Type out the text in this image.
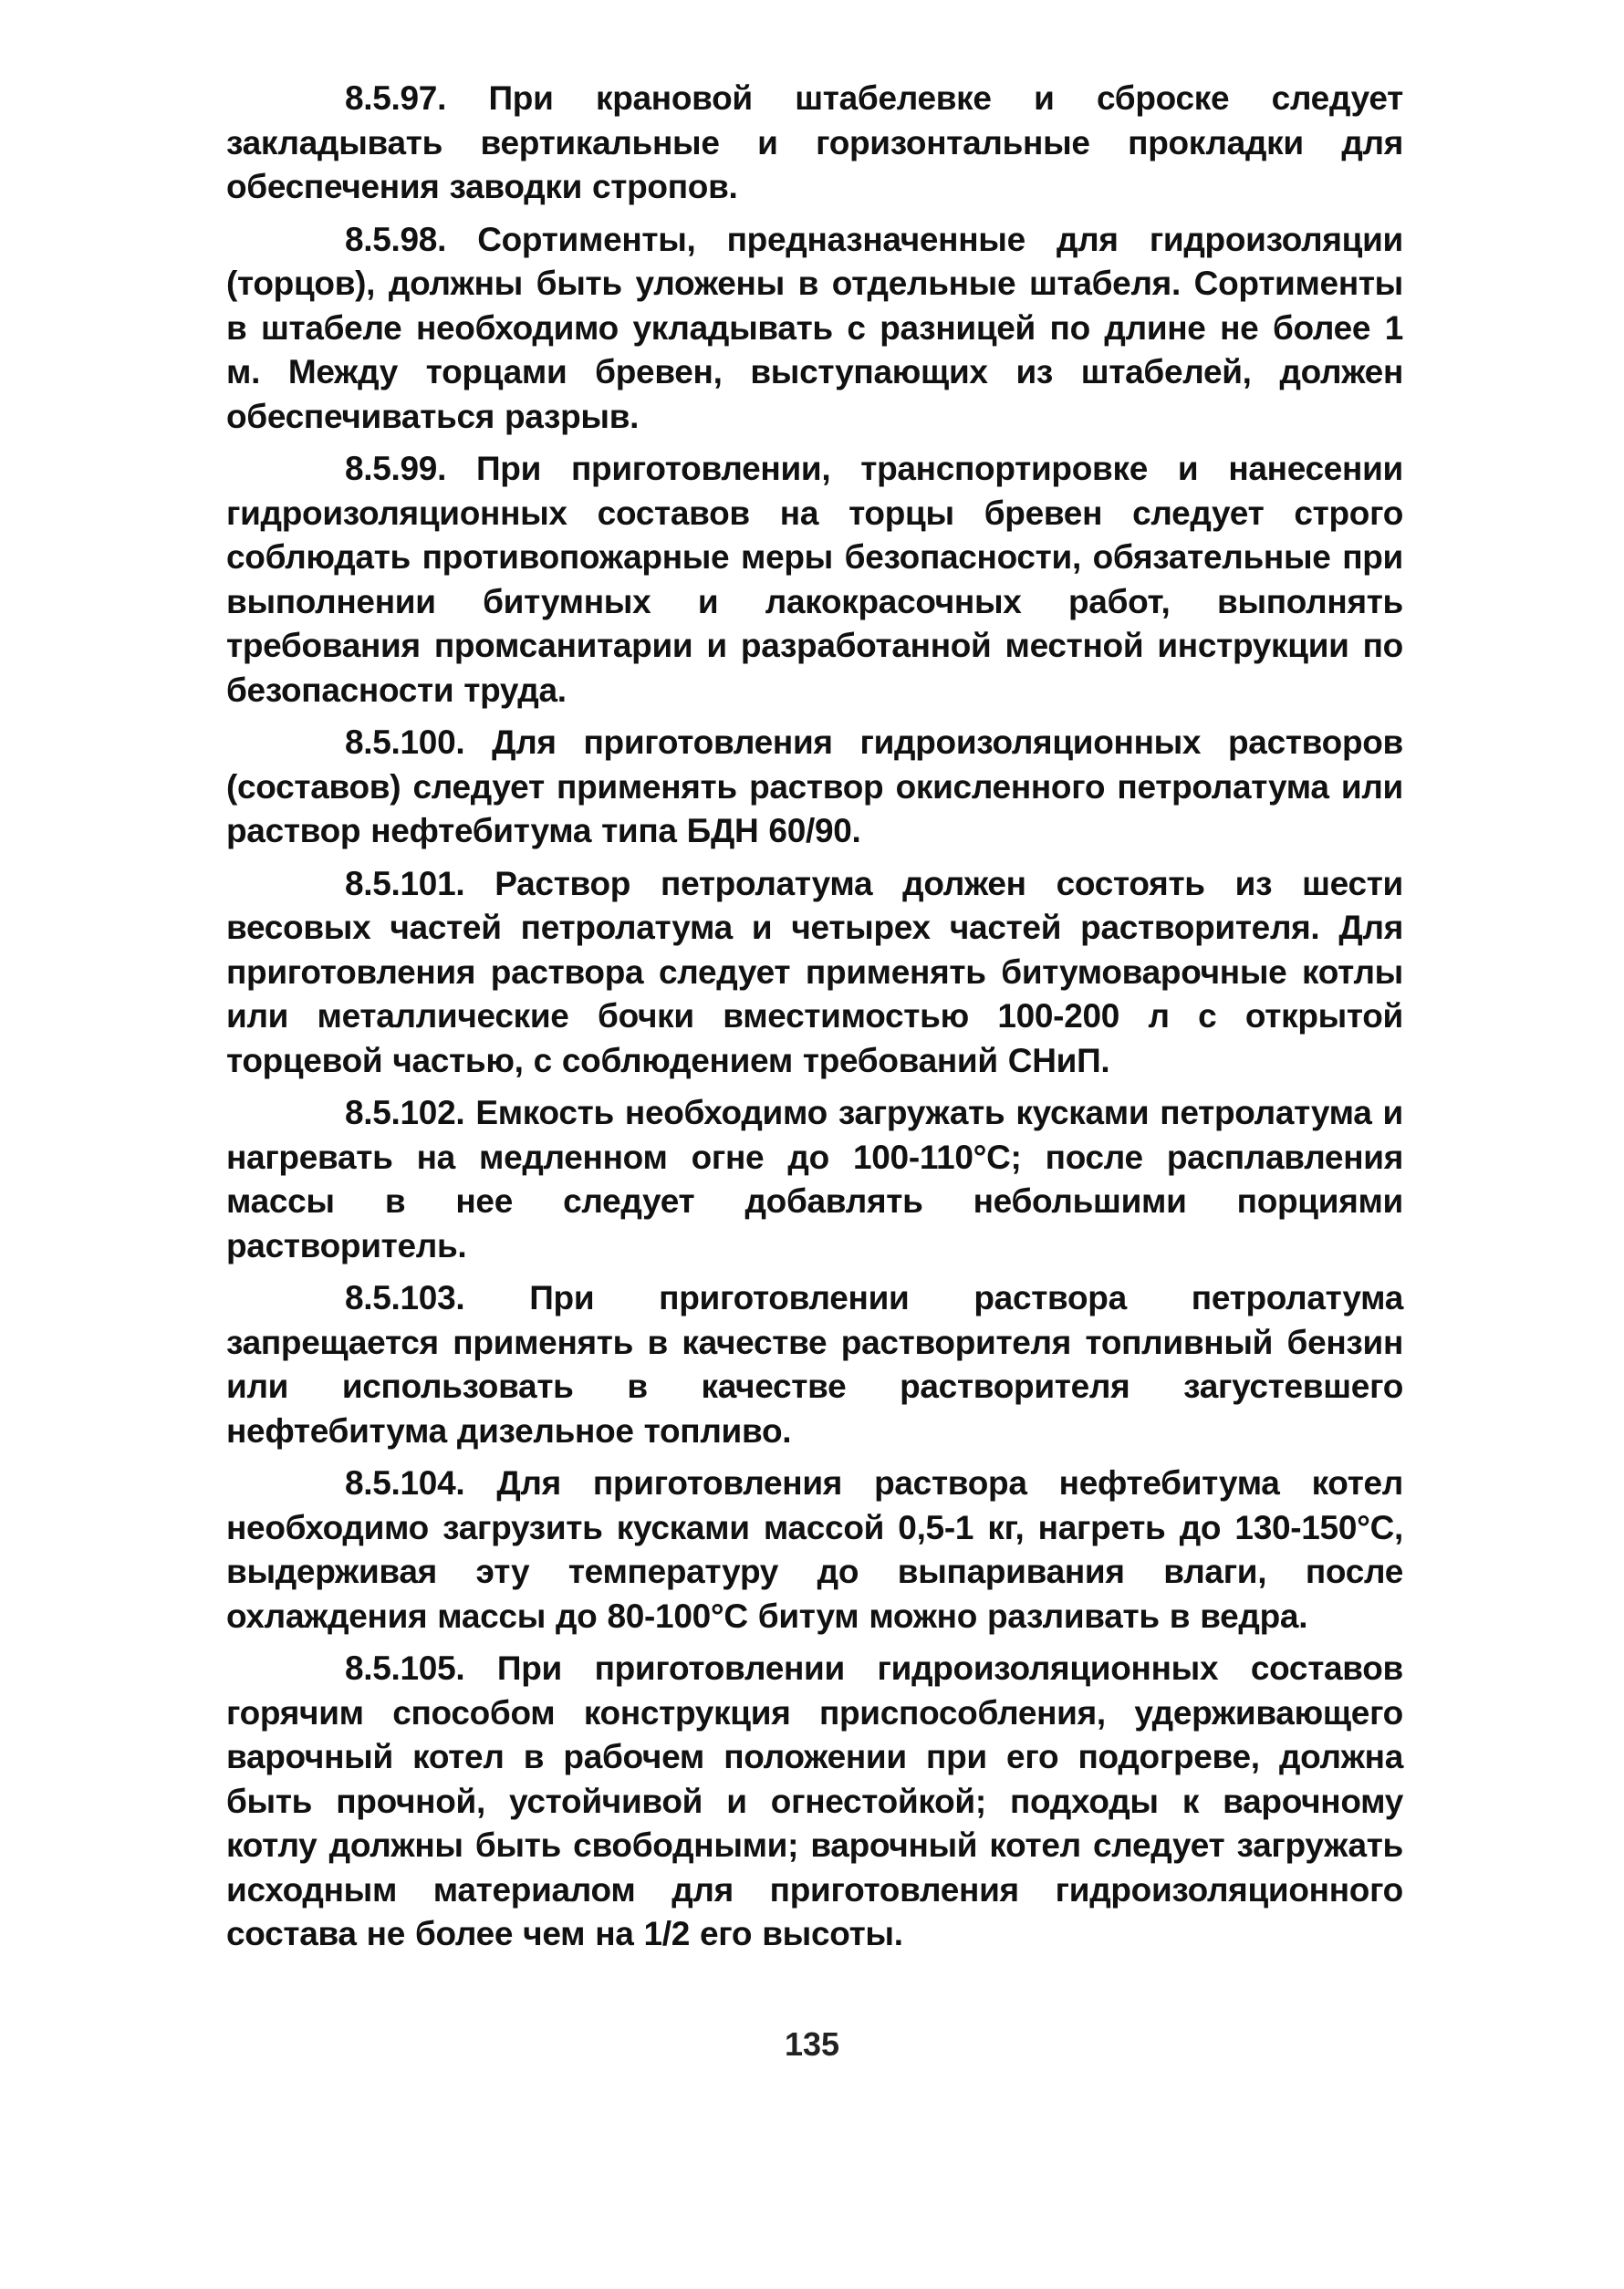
8.5.97. При крановой штабелевке и сброске следует закладывать вертикальные и горизонтальные прокладки для обеспечения заводки стропов.

8.5.98. Сортименты, предназначенные для гидроизоляции (торцов), должны быть уложены в отдельные штабеля. Сортименты в штабеле необходимо укладывать с разницей по длине не более 1 м. Между торцами бревен, выступающих из штабелей, должен обеспечиваться разрыв.

8.5.99. При приготовлении, транспортировке и нанесении гидроизоляционных составов на торцы бревен следует строго соблюдать противопожарные меры безопасности, обязательные при выполнении битумных и лакокрасочных работ, выполнять требования промсанитарии и разработанной местной инструкции по безопасности труда.

8.5.100. Для приготовления гидроизоляционных растворов (составов) следует применять раствор окисленного петролатума или раствор нефтебитума типа БДН 60/90.

8.5.101. Раствор петролатума должен состоять из шести весовых частей петролатума и четырех частей растворителя. Для приготовления раствора следует применять битумоварочные котлы или металлические бочки вместимостью 100-200 л с открытой торцевой частью, с соблюдением требований СНиП.

8.5.102. Емкость необходимо загружать кусками петролатума и нагревать на медленном огне до 100-110°С; после расплавления массы в нее следует добавлять небольшими порциями растворитель.

8.5.103. При приготовлении раствора петролатума запрещается применять в качестве растворителя топливный бензин или использовать в качестве растворителя загустевшего нефтебитума дизельное топливо.

8.5.104. Для приготовления раствора нефтебитума котел необходимо загрузить кусками массой 0,5-1 кг, нагреть до 130-150°С, выдерживая эту температуру до выпаривания влаги, после охлаждения массы до 80-100°С битум можно разливать в ведра.

8.5.105. При приготовлении гидроизоляционных составов горячим способом конструкция приспособления, удерживающего варочный котел в рабочем положении при его подогреве, должна быть прочной, устойчивой и огнестойкой; подходы к варочному котлу должны быть свободными; варочный котел следует загружать исходным материалом для приготовления гидроизоляционного состава не более чем на 1/2 его высоты.

135
